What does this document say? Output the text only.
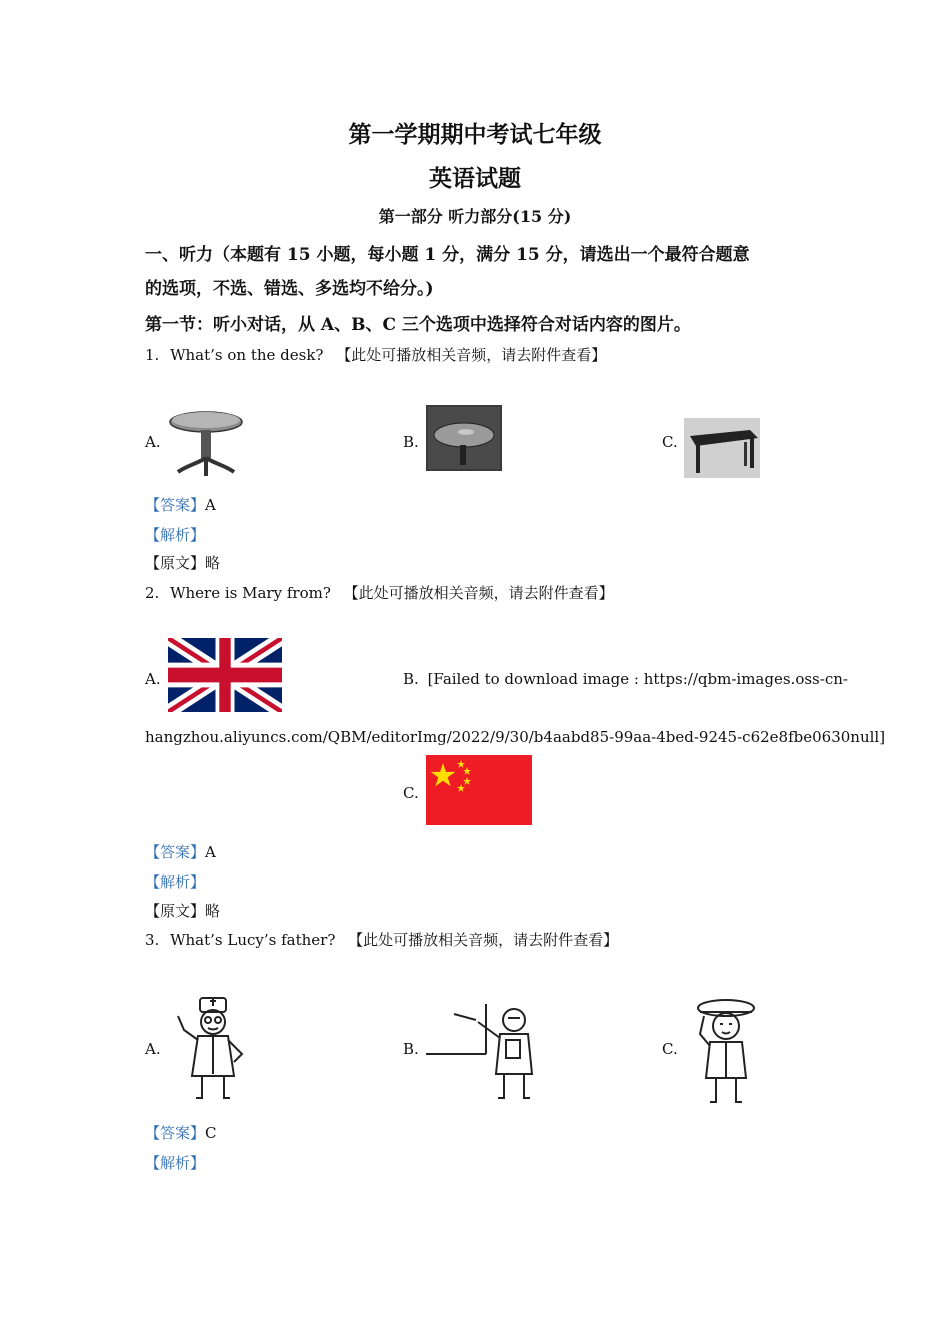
第一学期期中考试七年级
英语试题
第一部分 听力部分(15 分)
一、听力（本题有 15 小题，每小题 1 分，满分 15 分，请选出一个最符合题意
的选项，不选、错选、多选均不给分。)
第一节：听小对话，从 A、B、C 三个选项中选择符合对话内容的图片。
1. What’s on the desk? 【此处可播放相关音频，请去附件查看】
A.	B.	C.
【答案】A
【解析】
【原文】略
2. Where is Mary from? 【此处可播放相关音频，请去附件查看】
A.	B. [Failed to download image : https://qbm-images.oss-cn-
hangzhou.aliyuncs.com/QBM/editorImg/2022/9/30/b4aabd85-99aa-4bed-9245-c62e8fbe0630null]
C.
【答案】A
【解析】
【原文】略
3. What’s Lucy’s father? 【此处可播放相关音频，请去附件查看】
A.	B.	C.
【答案】C
【解析】
